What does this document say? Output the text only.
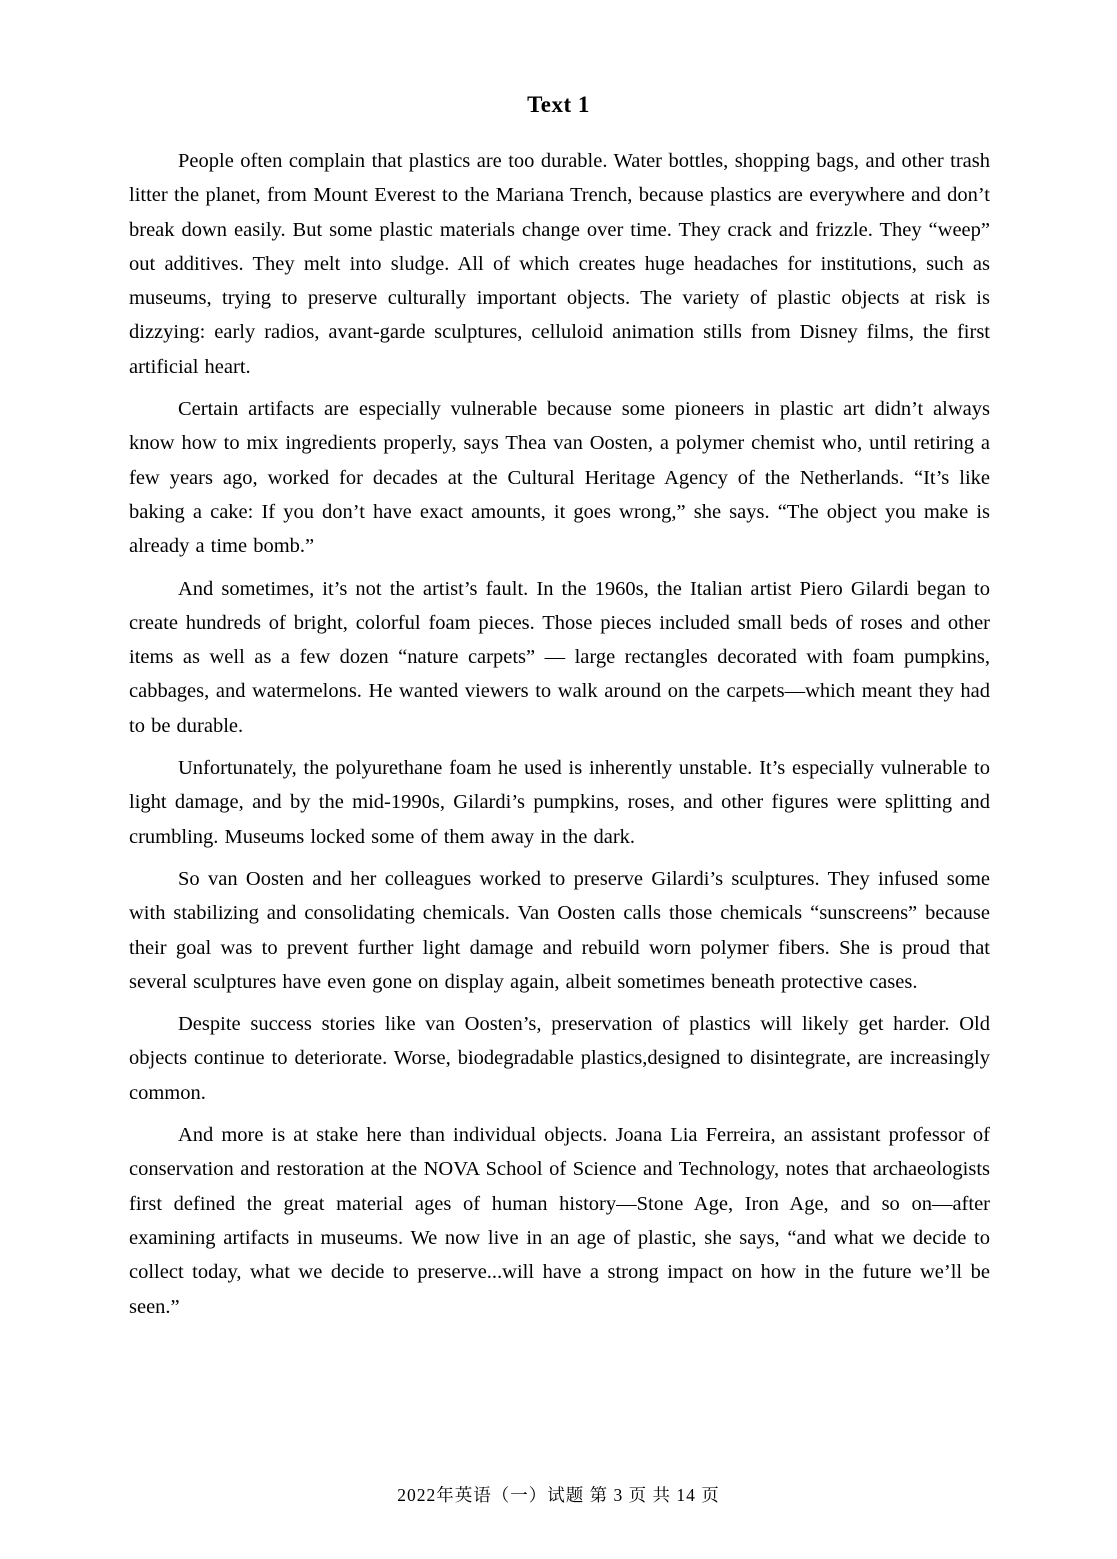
Text 1

People often complain that plastics are too durable. Water bottles, shopping bags, and other trash litter the planet, from Mount Everest to the Mariana Trench, because plastics are everywhere and don’t break down easily. But some plastic materials change over time. They crack and frizzle. They “weep” out additives. They melt into sludge. All of which creates huge headaches for institutions, such as museums, trying to preserve culturally important objects. The variety of plastic objects at risk is dizzying: early radios, avant-garde sculptures, celluloid animation stills from Disney films, the first artificial heart.

Certain artifacts are especially vulnerable because some pioneers in plastic art didn’t always know how to mix ingredients properly, says Thea van Oosten, a polymer chemist who, until retiring a few years ago, worked for decades at the Cultural Heritage Agency of the Netherlands. “It’s like baking a cake: If you don’t have exact amounts, it goes wrong,” she says. “The object you make is already a time bomb.”

And sometimes, it’s not the artist’s fault. In the 1960s, the Italian artist Piero Gilardi began to create hundreds of bright, colorful foam pieces. Those pieces included small beds of roses and other items as well as a few dozen “nature carpets” — large rectangles decorated with foam pumpkins, cabbages, and watermelons. He wanted viewers to walk around on the carpets—which meant they had to be durable.

Unfortunately, the polyurethane foam he used is inherently unstable. It’s especially vulnerable to light damage, and by the mid-1990s, Gilardi’s pumpkins, roses, and other figures were splitting and crumbling. Museums locked some of them away in the dark.

So van Oosten and her colleagues worked to preserve Gilardi’s sculptures. They infused some with stabilizing and consolidating chemicals. Van Oosten calls those chemicals “sunscreens” because their goal was to prevent further light damage and rebuild worn polymer fibers. She is proud that several sculptures have even gone on display again, albeit sometimes beneath protective cases.

Despite success stories like van Oosten’s, preservation of plastics will likely get harder. Old objects continue to deteriorate. Worse, biodegradable plastics,designed to disintegrate, are increasingly common.

And more is at stake here than individual objects. Joana Lia Ferreira, an assistant professor of conservation and restoration at the NOVA School of Science and Technology, notes that archaeologists first defined the great material ages of human history—Stone Age, Iron Age, and so on—after examining artifacts in museums. We now live in an age of plastic, she says, “and what we decide to collect today, what we decide to preserve...will have a strong impact on how in the future we’ll be seen.”

2022年英语（一）试题 第 3 页 共 14 页
